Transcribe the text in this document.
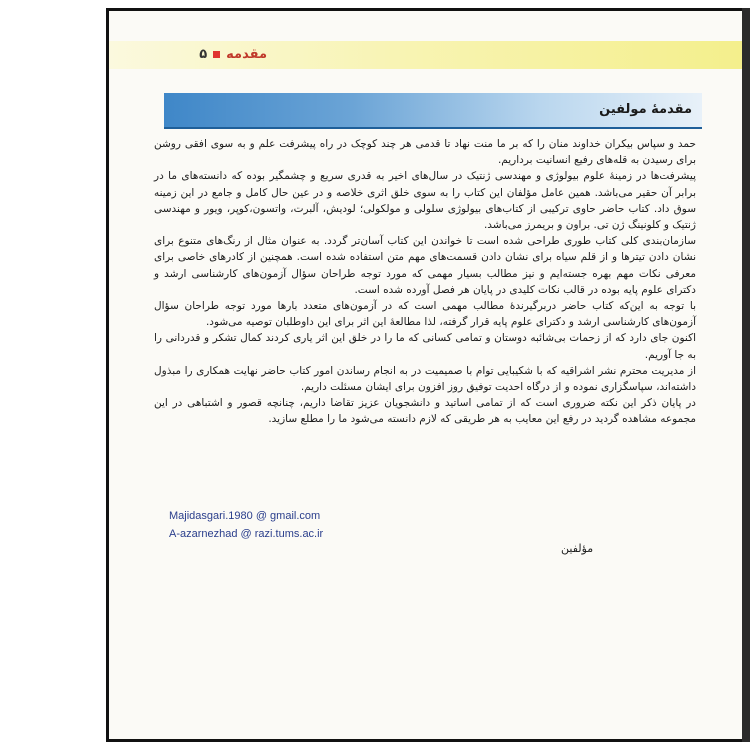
مقدمه۵
مقدمهٔ مولفین

حمد و سپاس بیکران خداوند منان را که بر ما منت نهاد تا قدمی هر چند کوچک در راه پیشرفت علم و به سوی افقی روشن برای رسیدن به قله‌های رفیع انسانیت برداریم.

پیشرفت‌ها در زمینهٔ علوم بیولوژی و مهندسی ژنتیک در سال‌های اخیر به قدری سریع و چشمگیر بوده که دانسته‌های ما در برابر آن حقیر می‌باشد. همین عامل مؤلفان این کتاب را به سوی خلق اثری خلاصه و در عین حال کامل و جامع در این زمینه سوق داد. کتاب حاضر حاوی ترکیبی از کتاب‌های بیولوژی سلولی و مولکولی؛ لودیش، آلبرت، واتسون،کوپر، ویور و مهندسی ژنتیک و کلونینگ ژن تی. براون و بریمرز می‌باشد.

سازمان‌بندی کلی کتاب طوری طراحی شده است تا خواندن این کتاب آسان‌تر گردد. به عنوان مثال از رنگ‌های متنوع برای نشان دادن تیترها و از قلم سیاه برای نشان دادن قسمت‌های مهم متن استفاده شده است. همچنین از کادرهای خاصی برای معرفی نکات مهم بهره جسته‌ایم و نیز مطالب بسیار مهمی که مورد توجه طراحان سؤال آزمون‌های کارشناسی ارشد و دکترای علوم پایه بوده در قالب نکات کلیدی در پایان هر فصل آورده شده است.

با توجه به این‌که کتاب حاضر دربرگیرندهٔ مطالب مهمی است که در آزمون‌های متعدد بارها مورد توجه طراحان سؤال آزمون‌های کارشناسی ارشد و دکترای علوم پایه قرار گرفته، لذا مطالعهٔ این اثر برای این داوطلبان توصیه می‌شود.

اکنون جای دارد که از زحمات بی‌شائبه دوستان و تمامی کسانی که ما را در خلق این اثر یاری کردند کمال تشکر و قدردانی را به جا آوریم.

از مدیریت محترم نشر اشراقیه که با شکیبایی توام با صمیمیت در به انجام رساندن امور کتاب حاضر نهایت همکاری را مبذول داشته‌اند، سپاسگزاری نموده و از درگاه احدیت توفیق روز افزون برای ایشان مسئلت داریم.

در پایان ذکر این نکته ضروری است که از تمامی اساتید و دانشجویان عزیز تقاضا داریم، چنانچه قصور و اشتباهی در این مجموعه مشاهده گردید در رفع این معایب به هر طریقی که لازم دانسته می‌شود ما را مطلع سازید.

Majidasgari.1980 @ gmail.com
A-azarnezhad @ razi.tums.ac.ir
مؤلفین
